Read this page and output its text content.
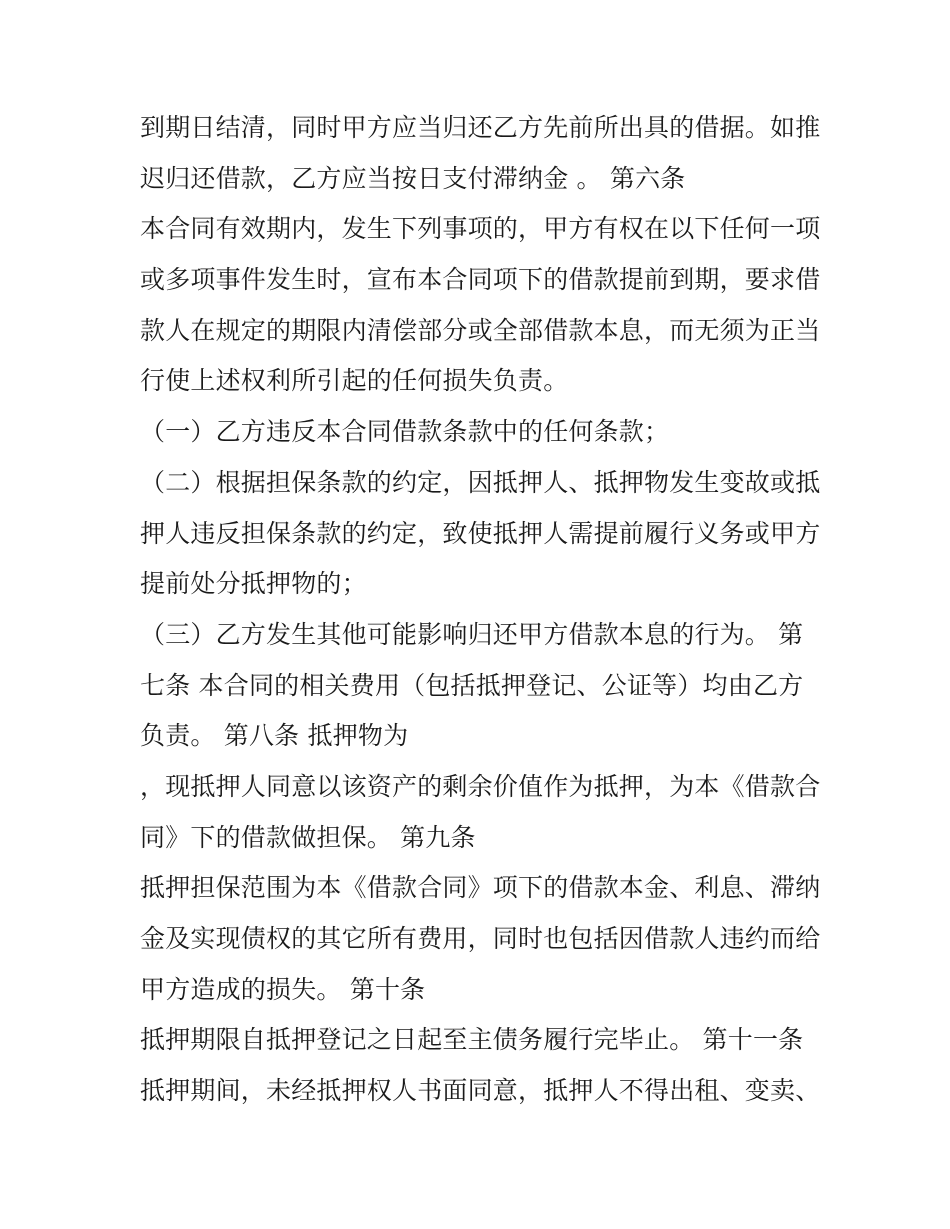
到期日结清，同时甲方应当归还乙方先前所出具的借据。如推
迟归还借款，乙方应当按日支付滞纳金 。 第六条
本合同有效期内，发生下列事项的，甲方有权在以下任何一项
或多项事件发生时，宣布本合同项下的借款提前到期，要求借
款人在规定的期限内清偿部分或全部借款本息，而无须为正当
行使上述权利所引起的任何损失负责。
（一）乙方违反本合同借款条款中的任何条款；
（二）根据担保条款的约定，因抵押人、抵押物发生变故或抵
押人违反担保条款的约定，致使抵押人需提前履行义务或甲方
提前处分抵押物的；
（三）乙方发生其他可能影响归还甲方借款本息的行为。 第
七条 本合同的相关费用（包括抵押登记、公证等）均由乙方
负责。 第八条 抵押物为
，现抵押人同意以该资产的剩余价值作为抵押，为本《借款合
同》下的借款做担保。 第九条
抵押担保范围为本《借款合同》项下的借款本金、利息、滞纳
金及实现债权的其它所有费用，同时也包括因借款人违约而给
甲方造成的损失。 第十条
抵押期限自抵押登记之日起至主债务履行完毕止。 第十一条
抵押期间，未经抵押权人书面同意，抵押人不得出租、变卖、
